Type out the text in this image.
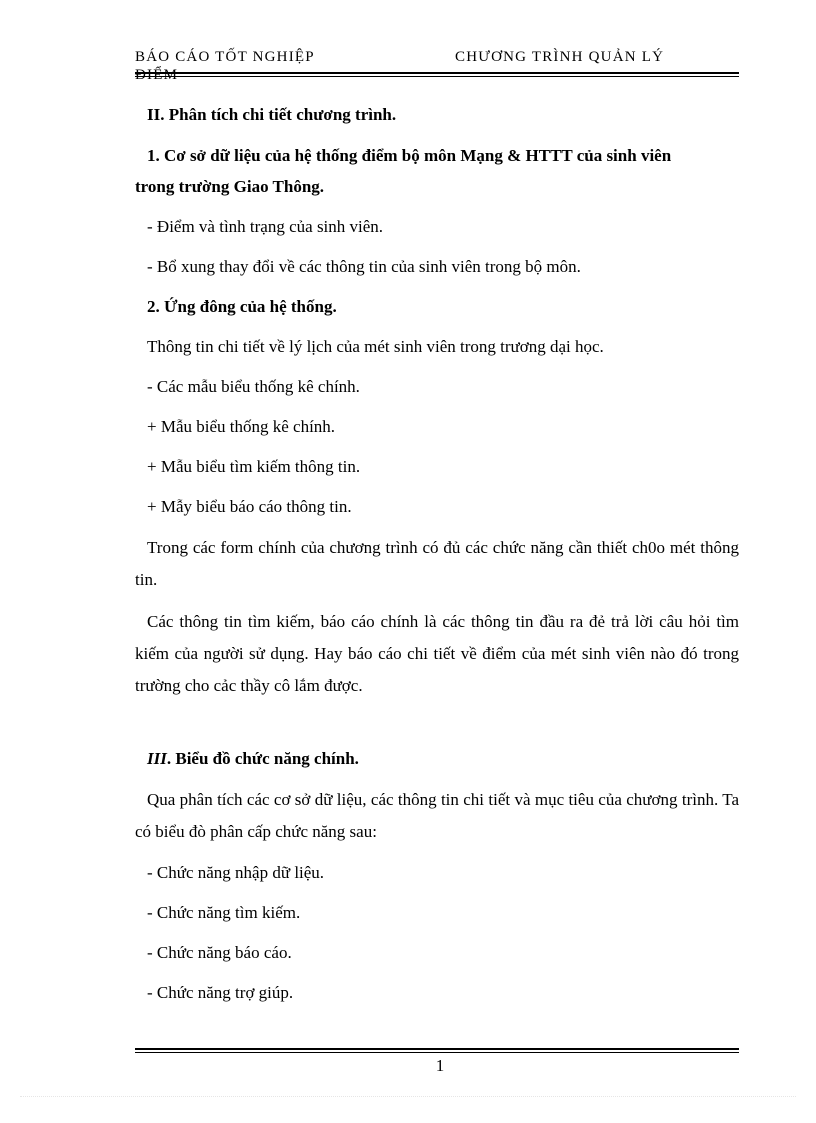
BÁO CÁO TỐT NGHIỆP	CHƯƠNG TRÌNH QUẢN LÝ
ĐIỂM

II. Phân tích chi tiết chương trình.

1. Cơ sở dữ liệu của hệ thống điểm bộ môn Mạng & HTTT của sinh viên

trong trường Giao Thông.

- Điểm và tình trạng của sinh viên.

- Bổ xung thay đổi về các thông tin của sinh viên trong bộ môn.

2. Ứng đông của hệ thống.

Thông tin chi tiết về lý lịch của mét sinh viên trong trương dại học.

- Các mẫu biểu thống kê chính.

+ Mẫu biểu thống kê chính.

+ Mẫu biểu tìm kiếm thông tin.

+ Mẫy biểu báo cáo thông tin.

Trong các form chính của chương trình có đủ các chức năng cần thiết ch0o mét thông tin.

Các thông tin tìm kiếm, báo cáo chính là các thông tin đầu ra đẻ trả lời câu hỏi tìm kiếm của người sử dụng. Hay báo cáo chi tiết về điểm của mét sinh viên nào đó trong trường cho cảc thầy cô lắm được.

III. Biểu đồ chức năng chính.

Qua phân tích các cơ sở dữ liệu, các thông tin chi tiết và mục tiêu của chương trình. Ta có biểu đò phân cấp chức năng sau:

- Chức năng nhập dữ liệu.

- Chức năng tìm kiếm.

- Chức năng báo cáo.

- Chức năng trợ giúp.

1
